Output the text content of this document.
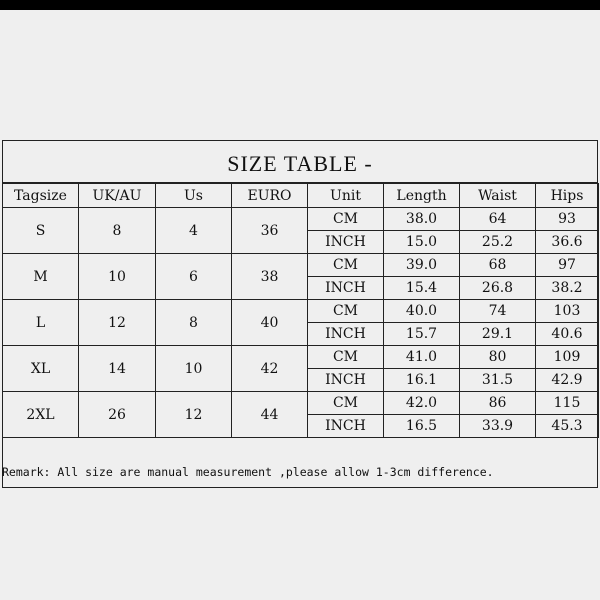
SIZE TABLE -
Tagsize	UK/AU	Us	EURO	Unit	Length	Waist	Hips
S	8	4	36	CM	38.0	64	93
				INCH	15.0	25.2	36.6
M	10	6	38	CM	39.0	68	97
				INCH	15.4	26.8	38.2
L	12	8	40	CM	40.0	74	103
				INCH	15.7	29.1	40.6
XL	14	10	42	CM	41.0	80	109
				INCH	16.1	31.5	42.9
2XL	26	12	44	CM	42.0	86	115
				INCH	16.5	33.9	45.3
Remark: All size are manual measurement ,please allow 1-3cm difference.
